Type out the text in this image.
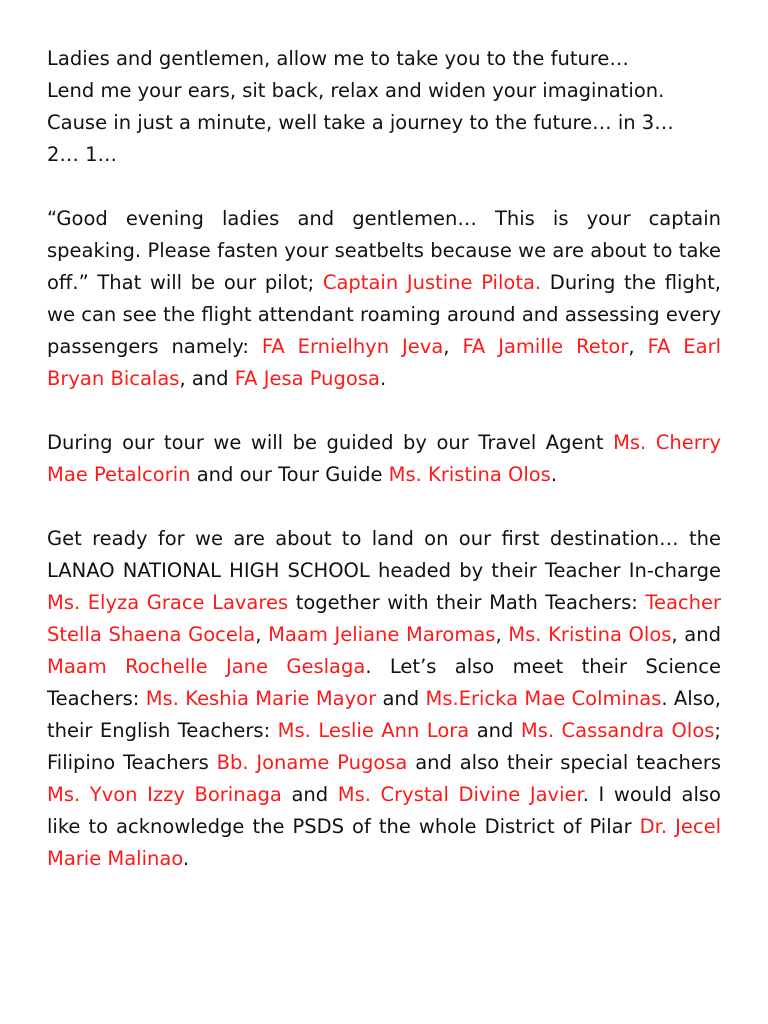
Ladies and gentlemen, allow me to take you to the future…
Lend me your ears, sit back, relax and widen your imagination.
Cause in just a minute, well take a journey to the future… in 3…
2… 1…

“Good evening ladies and gentlemen… This is your captain speaking. Please fasten your seatbelts because we are about to take off.” That will be our pilot; Captain Justine Pilota. During the flight, we can see the flight attendant roaming around and assessing every passengers namely: FA Ernielhyn Jeva, FA Jamille Retor, FA Earl Bryan Bicalas, and FA Jesa Pugosa.

During our tour we will be guided by our Travel Agent Ms. Cherry Mae Petalcorin and our Tour Guide Ms. Kristina Olos.

Get ready for we are about to land on our first destination… the LANAO NATIONAL HIGH SCHOOL headed by their Teacher In-charge Ms. Elyza Grace Lavares together with their Math Teachers: Teacher Stella Shaena Gocela, Maam Jeliane Maromas, Ms. Kristina Olos, and Maam Rochelle Jane Geslaga. Let’s also meet their Science Teachers: Ms. Keshia Marie Mayor and Ms.Ericka Mae Colminas. Also, their English Teachers: Ms. Leslie Ann Lora and Ms. Cassandra Olos; Filipino Teachers Bb. Joname Pugosa and also their special teachers Ms. Yvon Izzy Borinaga and Ms. Crystal Divine Javier. I would also like to acknowledge the PSDS of the whole District of Pilar Dr. Jecel Marie Malinao.
